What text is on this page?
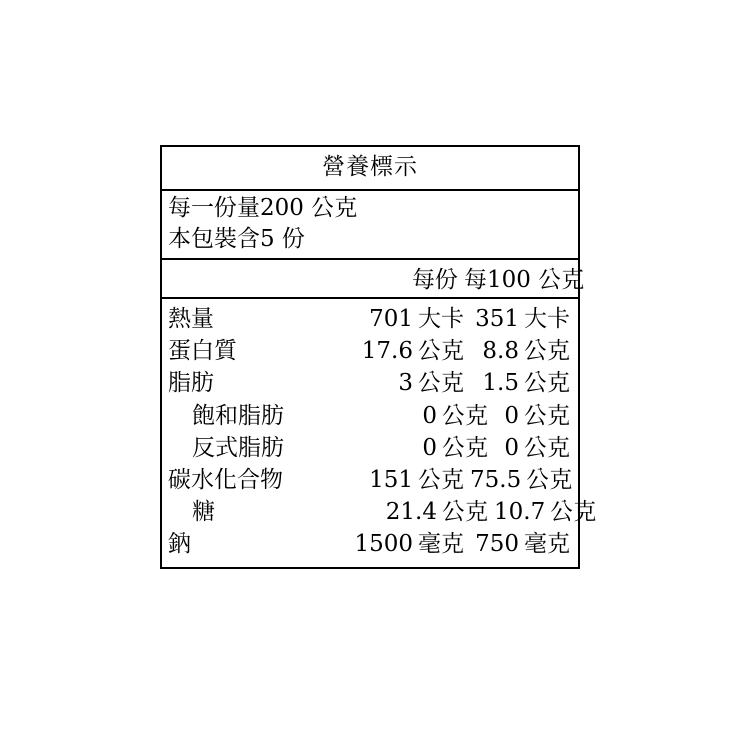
營養標示
每一份量200 公克
本包裝含5 份
每份 每100 公克
熱量	701 大卡 351 大卡
蛋白質	17.6 公克 8.8 公克
脂肪	3 公克 1.5 公克
飽和脂肪	0 公克 0 公克
反式脂肪	0 公克 0 公克
碳水化合物	151 公克 75.5 公克
糖	21.4 公克 10.7 公克
鈉	1500 毫克 750 毫克
